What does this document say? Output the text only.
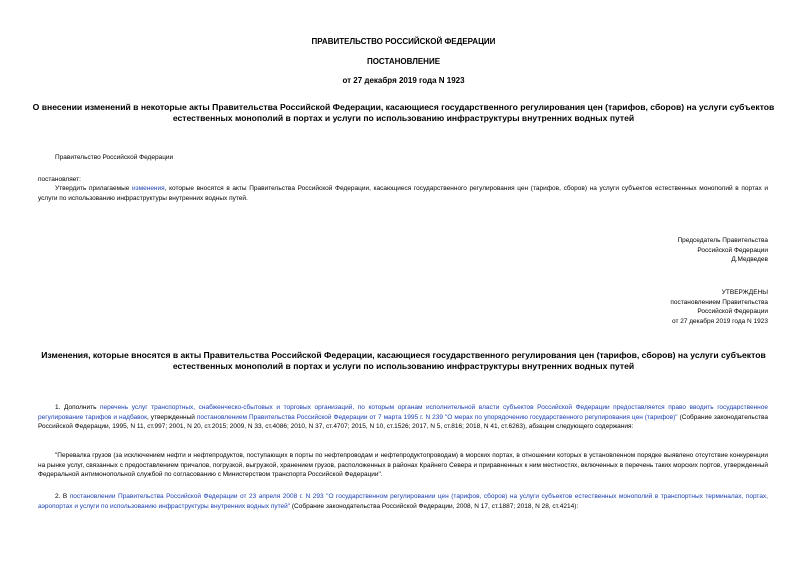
ПРАВИТЕЛЬСТВО РОССИЙСКОЙ ФЕДЕРАЦИИ
ПОСТАНОВЛЕНИЕ
от 27 декабря 2019 года N 1923
О внесении изменений в некоторые акты Правительства Российской Федерации, касающиеся государственного регулирования цен (тарифов, сборов) на услуги субъектов естественных монополий в портах и услуги по использованию инфраструктуры внутренних водных путей
Правительство Российской Федерации
постановляет:
Утвердить прилагаемые изменения, которые вносятся в акты Правительства Российской Федерации, касающиеся государственного регулирования цен (тарифов, сборов) на услуги субъектов естественных монополий в портах и услуги по использованию инфраструктуры внутренних водных путей.
Председатель Правительства
Российской Федерации
Д.Медведев
УТВЕРЖДЕНЫ
постановлением Правительства
Российской Федерации
от 27 декабря 2019 года N 1923
Изменения, которые вносятся в акты Правительства Российской Федерации, касающиеся государственного регулирования цен (тарифов, сборов) на услуги субъектов естественных монополий в портах и услуги по использованию инфраструктуры внутренних водных путей
1. Дополнить перечень услуг транспортных, снабженческо-сбытовых и торговых организаций, по которым органам исполнительной власти субъектов Российской Федерации предоставляется право вводить государственное регулирование тарифов и надбавок, утвержденный постановлением Правительства Российской Федерации от 7 марта 1995 г. N 239 "О мерах по упорядочению государственного регулирования цен (тарифов)" (Собрание законодательства Российской Федерации, 1995, N 11, ст.997; 2001, N 20, ст.2015; 2009, N 33, ст.4086; 2010, N 37, ст.4707; 2015, N 10, ст.1526; 2017, N 5, ст.816; 2018, N 41, ст.6263), абзацем следующего содержания:
"Перевалка грузов (за исключением нефти и нефтепродуктов, поступающих в порты по нефтепроводам и нефтепродуктопроводам) в морских портах, в отношении которых в установленном порядке выявлено отсутствие конкуренции на рынке услуг, связанных с предоставлением причалов, погрузкой, выгрузкой, хранением грузов, расположенных в районах Крайнего Севера и приравненных к ним местностях, включенных в перечень таких морских портов, утвержденный Федеральной антимонопольной службой по согласованию с Министерством транспорта Российской Федерации".
2. В постановлении Правительства Российской Федерации от 23 апреля 2008 г. N 293 "О государственном регулировании цен (тарифов, сборов) на услуги субъектов естественных монополий в транспортных терминалах, портах, аэропортах и услуги по использованию инфраструктуры внутренних водных путей" (Собрание законодательства Российской Федерации, 2008, N 17, ст.1887; 2018, N 28, ст.4214):
